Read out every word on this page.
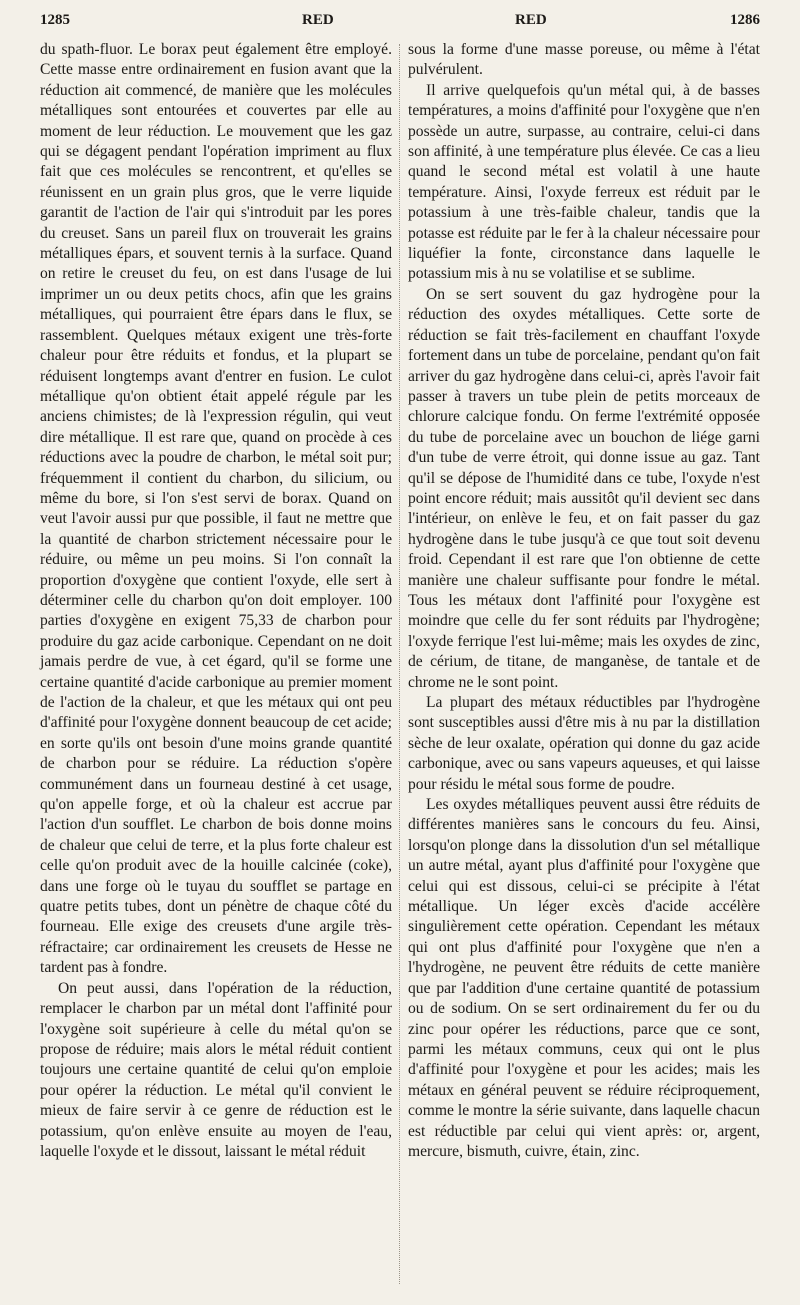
1285	RED	RED	1286

du spath-fluor. Le borax peut également être employé. Cette masse entre ordinairement en fusion avant que la réduction ait commencé, de manière que les molécules métalliques sont entourées et couvertes par elle au moment de leur réduction. Le mouvement que les gaz qui se dégagent pendant l'opération impriment au flux fait que ces molécules se rencontrent, et qu'elles se réunissent en un grain plus gros, que le verre liquide garantit de l'action de l'air qui s'introduit par les pores du creuset. Sans un pareil flux on trouverait les grains métalliques épars, et souvent ternis à la surface. Quand on retire le creuset du feu, on est dans l'usage de lui imprimer un ou deux petits chocs, afin que les grains métalliques, qui pourraient être épars dans le flux, se rassemblent. Quelques métaux exigent une très-forte chaleur pour être réduits et fondus, et la plupart se réduisent longtemps avant d'entrer en fusion. Le culot métallique qu'on obtient était appelé régule par les anciens chimistes; de là l'expression régulin, qui veut dire métallique. Il est rare que, quand on procède à ces réductions avec la poudre de charbon, le métal soit pur; fréquemment il contient du charbon, du silicium, ou même du bore, si l'on s'est servi de borax. Quand on veut l'avoir aussi pur que possible, il faut ne mettre que la quantité de charbon strictement nécessaire pour le réduire, ou même un peu moins. Si l'on connaît la proportion d'oxygène que contient l'oxyde, elle sert à déterminer celle du charbon qu'on doit employer. 100 parties d'oxygène en exigent 75,33 de charbon pour produire du gaz acide carbonique. Cependant on ne doit jamais perdre de vue, à cet égard, qu'il se forme une certaine quantité d'acide carbonique au premier moment de l'action de la chaleur, et que les métaux qui ont peu d'affinité pour l'oxygène donnent beaucoup de cet acide; en sorte qu'ils ont besoin d'une moins grande quantité de charbon pour se réduire. La réduction s'opère communément dans un fourneau destiné à cet usage, qu'on appelle forge, et où la chaleur est accrue par l'action d'un soufflet. Le charbon de bois donne moins de chaleur que celui de terre, et la plus forte chaleur est celle qu'on produit avec de la houille calcinée (coke), dans une forge où le tuyau du soufflet se partage en quatre petits tubes, dont un pénètre de chaque côté du fourneau. Elle exige des creusets d'une argile très-réfractaire; car ordinairement les creusets de Hesse ne tardent pas à fondre.

On peut aussi, dans l'opération de la réduction, remplacer le charbon par un métal dont l'affinité pour l'oxygène soit supérieure à celle du métal qu'on se propose de réduire; mais alors le métal réduit contient toujours une certaine quantité de celui qu'on emploie pour opérer la réduction. Le métal qu'il convient le mieux de faire servir à ce genre de réduction est le potassium, qu'on enlève ensuite au moyen de l'eau, laquelle l'oxyde et le dissout, laissant le métal réduit

sous la forme d'une masse poreuse, ou même à l'état pulvérulent.

Il arrive quelquefois qu'un métal qui, à de basses températures, a moins d'affinité pour l'oxygène que n'en possède un autre, surpasse, au contraire, celui-ci dans son affinité, à une température plus élevée. Ce cas a lieu quand le second métal est volatil à une haute température. Ainsi, l'oxyde ferreux est réduit par le potassium à une très-faible chaleur, tandis que la potasse est réduite par le fer à la chaleur nécessaire pour liquéfier la fonte, circonstance dans laquelle le potassium mis à nu se volatilise et se sublime.

On se sert souvent du gaz hydrogène pour la réduction des oxydes métalliques. Cette sorte de réduction se fait très-facilement en chauffant l'oxyde fortement dans un tube de porcelaine, pendant qu'on fait arriver du gaz hydrogène dans celui-ci, après l'avoir fait passer à travers un tube plein de petits morceaux de chlorure calcique fondu. On ferme l'extrémité opposée du tube de porcelaine avec un bouchon de liége garni d'un tube de verre étroit, qui donne issue au gaz. Tant qu'il se dépose de l'humidité dans ce tube, l'oxyde n'est point encore réduit; mais aussitôt qu'il devient sec dans l'intérieur, on enlève le feu, et on fait passer du gaz hydrogène dans le tube jusqu'à ce que tout soit devenu froid. Cependant il est rare que l'on obtienne de cette manière une chaleur suffisante pour fondre le métal. Tous les métaux dont l'affinité pour l'oxygène est moindre que celle du fer sont réduits par l'hydrogène; l'oxyde ferrique l'est lui-même; mais les oxydes de zinc, de cérium, de titane, de manganèse, de tantale et de chrome ne le sont point.

La plupart des métaux réductibles par l'hydrogène sont susceptibles aussi d'être mis à nu par la distillation sèche de leur oxalate, opération qui donne du gaz acide carbonique, avec ou sans vapeurs aqueuses, et qui laisse pour résidu le métal sous forme de poudre.

Les oxydes métalliques peuvent aussi être réduits de différentes manières sans le concours du feu. Ainsi, lorsqu'on plonge dans la dissolution d'un sel métallique un autre métal, ayant plus d'affinité pour l'oxygène que celui qui est dissous, celui-ci se précipite à l'état métallique. Un léger excès d'acide accélère singulièrement cette opération. Cependant les métaux qui ont plus d'affinité pour l'oxygène que n'en a l'hydrogène, ne peuvent être réduits de cette manière que par l'addition d'une certaine quantité de potassium ou de sodium. On se sert ordinairement du fer ou du zinc pour opérer les réductions, parce que ce sont, parmi les métaux communs, ceux qui ont le plus d'affinité pour l'oxygène et pour les acides; mais les métaux en général peuvent se réduire réciproquement, comme le montre la série suivante, dans laquelle chacun est réductible par celui qui vient après: or, argent, mercure, bismuth, cuivre, étain, zinc.
